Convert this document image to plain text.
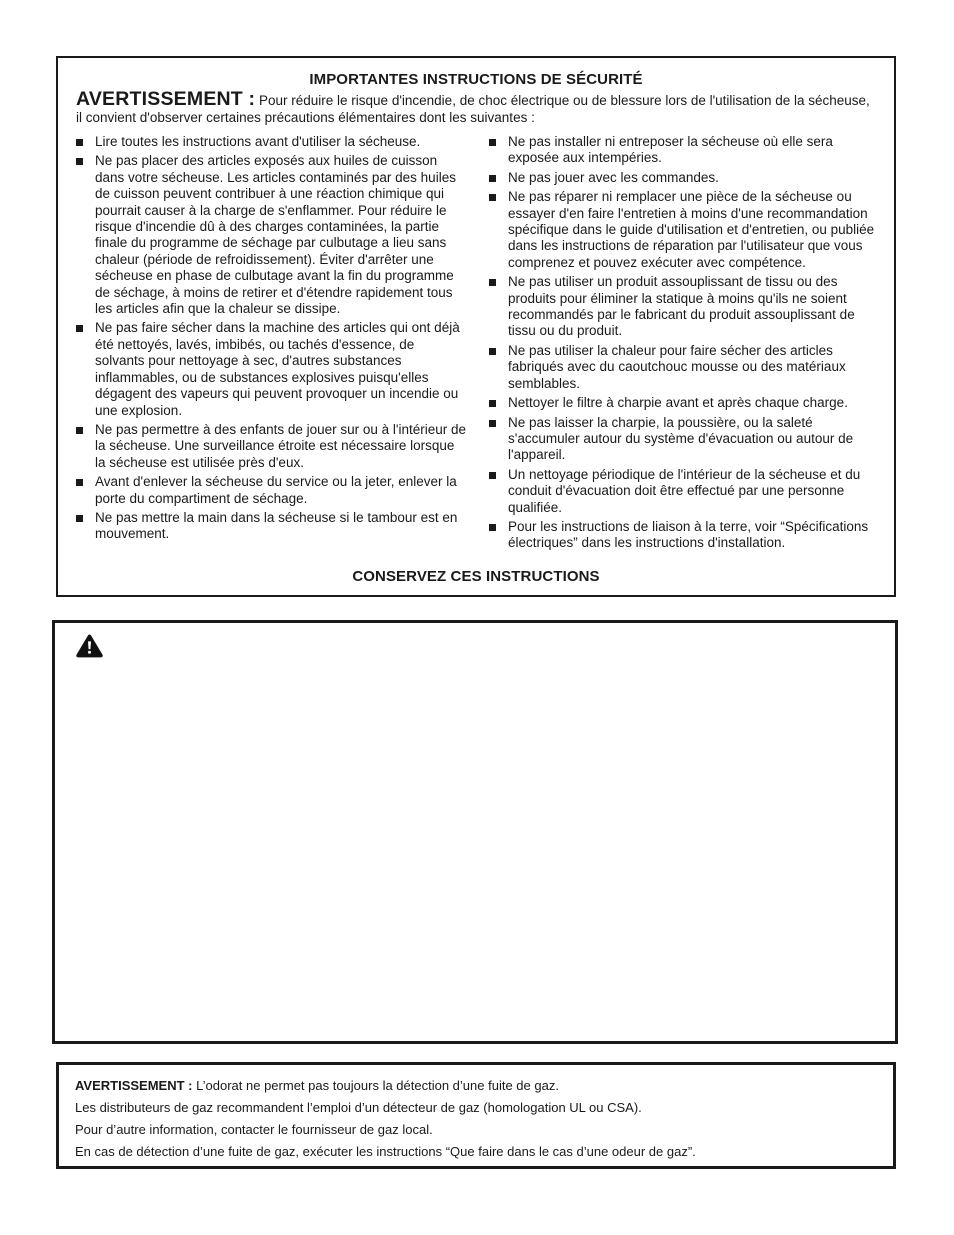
IMPORTANTES INSTRUCTIONS DE SÉCURITÉ

AVERTISSEMENT : Pour réduire le risque d'incendie, de choc électrique ou de blessure lors de l'utilisation de la sécheuse, il convient d'observer certaines précautions élémentaires dont les suivantes :

Lire toutes les instructions avant d'utiliser la sécheuse.
Ne pas placer des articles exposés aux huiles de cuisson dans votre sécheuse. Les articles contaminés par des huiles de cuisson peuvent contribuer à une réaction chimique qui pourrait causer à la charge de s'enflammer. Pour réduire le risque d'incendie dû à des charges contaminées, la partie finale du programme de séchage par culbutage a lieu sans chaleur (période de refroidissement). Éviter d'arrêter une sécheuse en phase de culbutage avant la fin du programme de séchage, à moins de retirer et d'étendre rapidement tous les articles afin que la chaleur se dissipe.
Ne pas faire sécher dans la machine des articles qui ont déjà été nettoyés, lavés, imbibés, ou tachés d'essence, de solvants pour nettoyage à sec, d'autres substances inflammables, ou de substances explosives puisqu'elles dégagent des vapeurs qui peuvent provoquer un incendie ou une explosion.
Ne pas permettre à des enfants de jouer sur ou à l'intérieur de la sécheuse. Une surveillance étroite est nécessaire lorsque la sécheuse est utilisée près d'eux.
Avant d'enlever la sécheuse du service ou la jeter, enlever la porte du compartiment de séchage.
Ne pas mettre la main dans la sécheuse si le tambour est en mouvement.
Ne pas installer ni entreposer la sécheuse où elle sera exposée aux intempéries.
Ne pas jouer avec les commandes.
Ne pas réparer ni remplacer une pièce de la sécheuse ou essayer d'en faire l'entretien à moins d'une recommandation spécifique dans le guide d'utilisation et d'entretien, ou publiée dans les instructions de réparation par l'utilisateur que vous comprenez et pouvez exécuter avec compétence.
Ne pas utiliser un produit assouplissant de tissu ou des produits pour éliminer la statique à moins qu'ils ne soient recommandés par le fabricant du produit assouplissant de tissu ou du produit.
Ne pas utiliser la chaleur pour faire sécher des articles fabriqués avec du caoutchouc mousse ou des matériaux semblables.
Nettoyer le filtre à charpie avant et après chaque charge.
Ne pas laisser la charpie, la poussière, ou la saleté s'accumuler autour du système d'évacuation ou autour de l'appareil.
Un nettoyage périodique de l'intérieur de la sécheuse et du conduit d'évacuation doit être effectué par une personne qualifiée.
Pour les instructions de liaison à la terre, voir “Spécifications électriques” dans les instructions d'installation.
CONSERVEZ CES INSTRUCTIONS

AVERTISSEMENT : L’odorat ne permet pas toujours la détection d’une fuite de gaz.

Les distributeurs de gaz recommandent l’emploi d’un détecteur de gaz (homologation UL ou CSA).

Pour d’autre information, contacter le fournisseur de gaz local.

En cas de détection d’une fuite de gaz, exécuter les instructions “Que faire dans le cas d’une odeur de gaz”.
